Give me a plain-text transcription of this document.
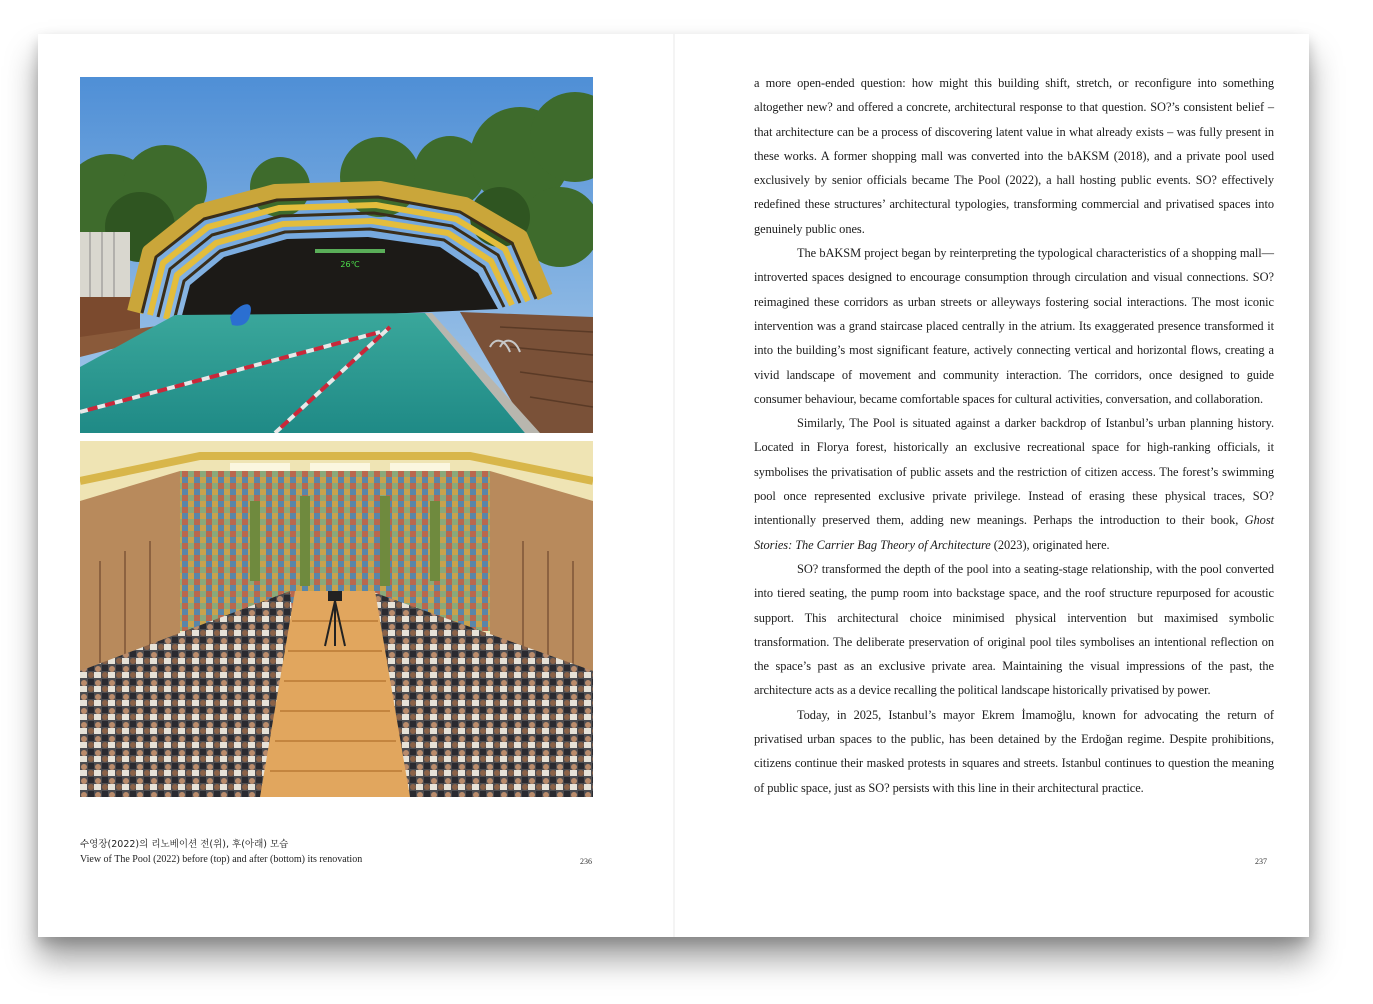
26℃
수영장(2022)의 리노베이션 전(위), 후(아래) 모습
View of The Pool (2022) before (top) and after (bottom) its renovation	236

a more open-ended question: how might this building shift, stretch, or reconfigure into something altogether new? and offered a concrete, architectural response to that question. SO?’s consistent belief – that architecture can be a process of discovering latent value in what already exists – was fully present in these works. A former shopping mall was converted into the bAKSM (2018), and a private pool used exclusively by senior officials became The Pool (2022), a hall hosting public events. SO? effectively redefined these structures’ architectural typologies, transforming commercial and privatised spaces into genuinely public ones.

The bAKSM project began by reinterpreting the typological characteristics of a shopping mall—introverted spaces designed to encourage consumption through circulation and visual connections. SO? reimagined these corridors as urban streets or alleyways fostering social interactions. The most iconic intervention was a grand staircase placed centrally in the atrium. Its exaggerated presence transformed it into the building’s most significant feature, actively connecting vertical and horizontal flows, creating a vivid landscape of movement and community interaction. The corridors, once designed to guide consumer behaviour, became comfortable spaces for cultural activities, conversation, and collaboration.

Similarly, The Pool is situated against a darker backdrop of Istanbul’s urban planning history. Located in Florya forest, historically an exclusive recreational space for high-ranking officials, it symbolises the privatisation of public assets and the restriction of citizen access. The forest’s swimming pool once represented exclusive private privilege. Instead of erasing these physical traces, SO? intentionally preserved them, adding new meanings. Perhaps the introduction to their book, Ghost Stories: The Carrier Bag Theory of Architecture (2023), originated here.

SO? transformed the depth of the pool into a seating-stage relationship, with the pool converted into tiered seating, the pump room into backstage space, and the roof structure repurposed for acoustic support. This architectural choice minimised physical intervention but maximised symbolic transformation. The deliberate preservation of original pool tiles symbolises an intentional reflection on the space’s past as an exclusive private area. Maintaining the visual impressions of the past, the architecture acts as a device recalling the political landscape historically privatised by power.

Today, in 2025, Istanbul’s mayor Ekrem İmamoğlu, known for advocating the return of privatised urban spaces to the public, has been detained by the Erdoğan regime. Despite prohibitions, citizens continue their masked protests in squares and streets. Istanbul continues to question the meaning of public space, just as SO? persists with this line in their architectural practice.

237
